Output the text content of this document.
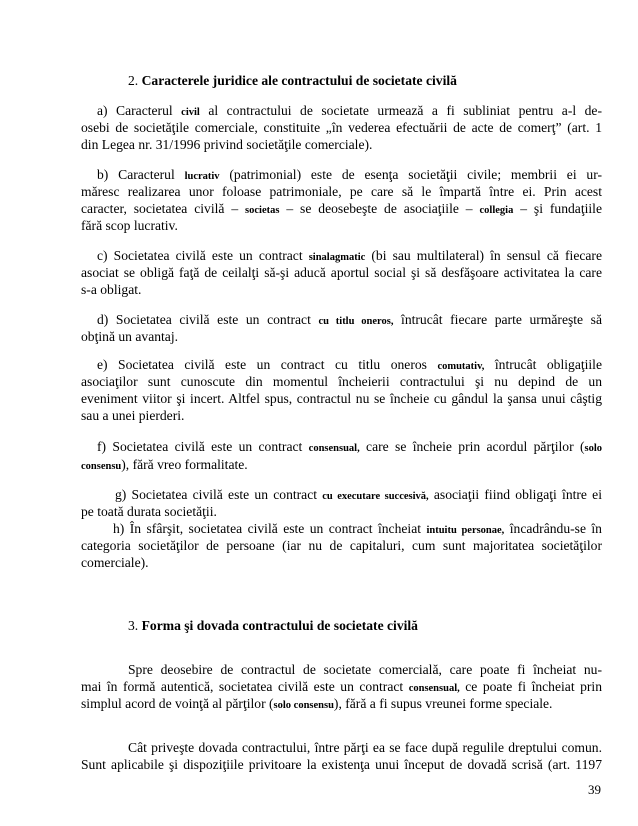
2. Caracterele juridice ale contractului de societate civilă
a) Caracterul civil al contractului de societate urmează a fi subliniat pentru a-l de-
osebi de societăţile comerciale, constituite „în vederea efectuării de acte de comerţ” (art. 1
din Legea nr. 31/1996 privind societăţile comerciale).
b) Caracterul lucrativ (patrimonial) este de esenţa societăţii civile; membrii ei ur-
măresc realizarea unor foloase patrimoniale, pe care să le împartă între ei. Prin acest
caracter, societatea civilă – societas – se deosebeşte de asociaţiile – collegia – şi fundaţiile
fără scop lucrativ.
c) Societatea civilă este un contract sinalagmatic (bi sau multilateral) în sensul că fiecare
asociat se obligă faţă de ceilalţi să-şi aducă aportul social şi să desfăşoare activitatea la care
s-a obligat.
d) Societatea civilă este un contract cu titlu oneros, întrucât fiecare parte urmăreşte să
obţină un avantaj.
e) Societatea civilă este un contract cu titlu oneros comutativ, întrucât obligaţiile
asociaţilor sunt cunoscute din momentul încheierii contractului şi nu depind de un
eveniment viitor şi incert. Altfel spus, contractul nu se încheie cu gândul la şansa unui câştig
sau a unei pierderi.
f) Societatea civilă este un contract consensual, care se încheie prin acordul părţilor (solo
consensu), fără vreo formalitate.
g) Societatea civilă este un contract cu executare succesivă, asociaţii fiind obligaţi între ei
pe toată durata societăţii.
h) În sfârşit, societatea civilă este un contract încheiat intuitu personae, încadrându-se în
categoria societăţilor de persoane (iar nu de capitaluri, cum sunt majoritatea societăţilor
comerciale).
3. Forma şi dovada contractului de societate civilă
Spre deosebire de contractul de societate comercială, care poate fi încheiat nu-
mai în formă autentică, societatea civilă este un contract consensual, ce poate fi încheiat prin
simplul acord de voinţă al părţilor (solo consensu), fără a fi supus vreunei forme speciale.
Cât priveşte dovada contractului, între părţi ea se face după regulile dreptului comun.
Sunt aplicabile şi dispoziţiile privitoare la existenţa unui început de dovadă scrisă (art. 1197
39
